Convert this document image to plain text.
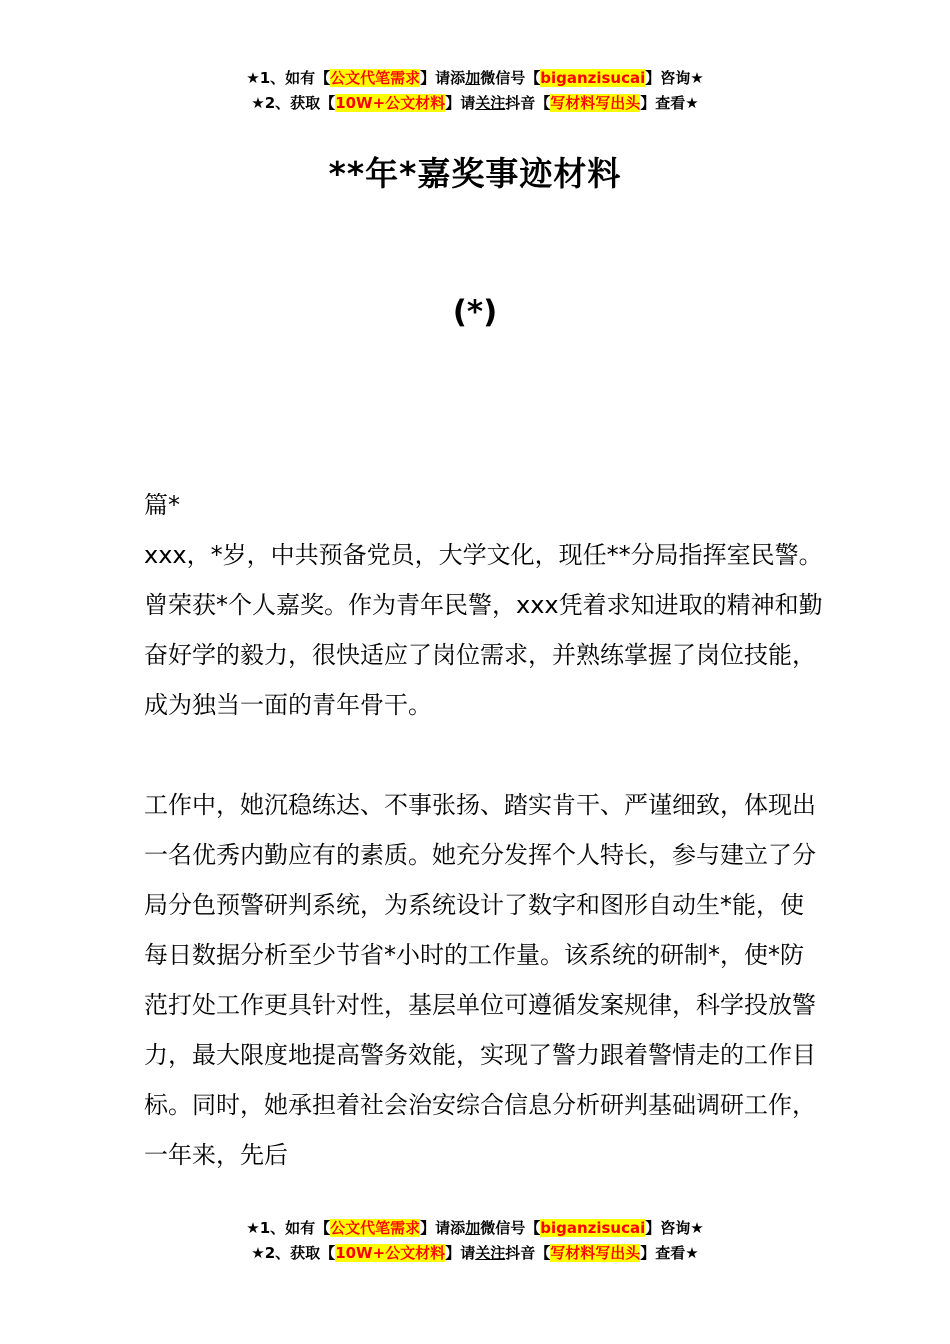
★1、如有【公文代笔需求】请添加微信号【biganzisucai】咨询★
★2、获取【10W+公文材料】请关注抖音【写材料写出头】查看★
**年*嘉奖事迹材料
(*)

篇*

xxx，*岁，中共预备党员，大学文化，现任**分局指挥室民警。曾荣获*个人嘉奖。作为青年民警，xxx凭着求知进取的精神和勤奋好学的毅力，很快适应了岗位需求，并熟练掌握了岗位技能，成为独当一面的青年骨干。

工作中，她沉稳练达、不事张扬、踏实肯干、严谨细致，体现出一名优秀内勤应有的素质。她充分发挥个人特长，参与建立了分局分色预警研判系统，为系统设计了数字和图形自动生*能，使每日数据分析至少节省*小时的工作量。该系统的研制*，使*防范打处工作更具针对性，基层单位可遵循发案规律，科学投放警力，最大限度地提高警务效能，实现了警力跟着警情走的工作目标。同时，她承担着社会治安综合信息分析研判基础调研工作，一年来，先后

★1、如有【公文代笔需求】请添加微信号【biganzisucai】咨询★
★2、获取【10W+公文材料】请关注抖音【写材料写出头】查看★
